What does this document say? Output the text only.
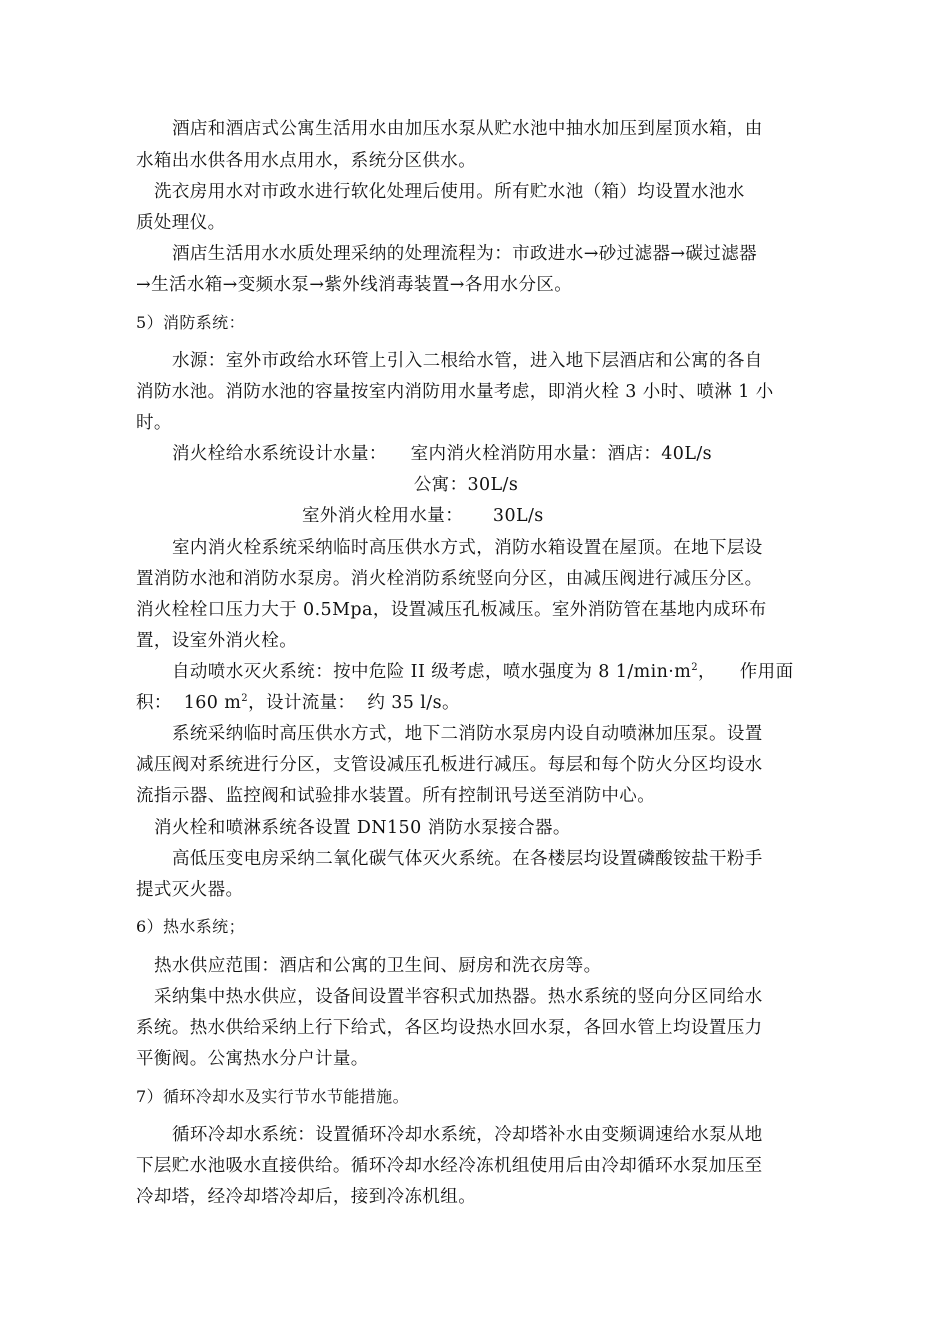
酒店和酒店式公寓生活用水由加压水泵从贮水池中抽水加压到屋顶水箱，由
水箱出水供各用水点用水，系统分区供水。
洗衣房用水对市政水进行软化处理后使用。所有贮水池（箱）均设置水池水
质处理仪。
酒店生活用水水质处理采纳的处理流程为：市政进水→砂过滤器→碳过滤器
→生活水箱→变频水泵→紫外线消毒装置→各用水分区。
5）消防系统：
水源：室外市政给水环管上引入二根给水管，进入地下层酒店和公寓的各自
消防水池。消防水池的容量按室内消防用水量考虑，即消火栓 3 小时、喷淋 1 小
时。
消火栓给水系统设计水量：    室内消火栓消防用水量：酒店：40L/s
公寓：30L/s
室外消火栓用水量：     30L/s
室内消火栓系统采纳临时高压供水方式，消防水箱设置在屋顶。在地下层设
置消防水池和消防水泵房。消火栓消防系统竖向分区，由减压阀进行减压分区。
消火栓栓口压力大于 0.5Mpa，设置减压孔板减压。室外消防管在基地内成环布
置，设室外消火栓。
自动喷水灭火系统：按中危险 II 级考虑，喷水强度为 8 $1/\min\cdot m^2$，    作用面
积：  160 $m^2$，设计流量：  约 35 l/s。
系统采纳临时高压供水方式，地下二消防水泵房内设自动喷淋加压泵。设置
减压阀对系统进行分区，支管设减压孔板进行减压。每层和每个防火分区均设水
流指示器、监控阀和试验排水装置。所有控制讯号送至消防中心。
消火栓和喷淋系统各设置 DN150 消防水泵接合器。
高低压变电房采纳二氧化碳气体灭火系统。在各楼层均设置磷酸铵盐干粉手
提式灭火器。
6）热水系统；
热水供应范围：酒店和公寓的卫生间、厨房和洗衣房等。
采纳集中热水供应，设备间设置半容积式加热器。热水系统的竖向分区同给水
系统。热水供给采纳上行下给式，各区均设热水回水泵，各回水管上均设置压力
平衡阀。公寓热水分户计量。
7）循环冷却水及实行节水节能措施。
循环冷却水系统：设置循环冷却水系统，冷却塔补水由变频调速给水泵从地
下层贮水池吸水直接供给。循环冷却水经冷冻机组使用后由冷却循环水泵加压至
冷却塔，经冷却塔冷却后，接到冷冻机组。
